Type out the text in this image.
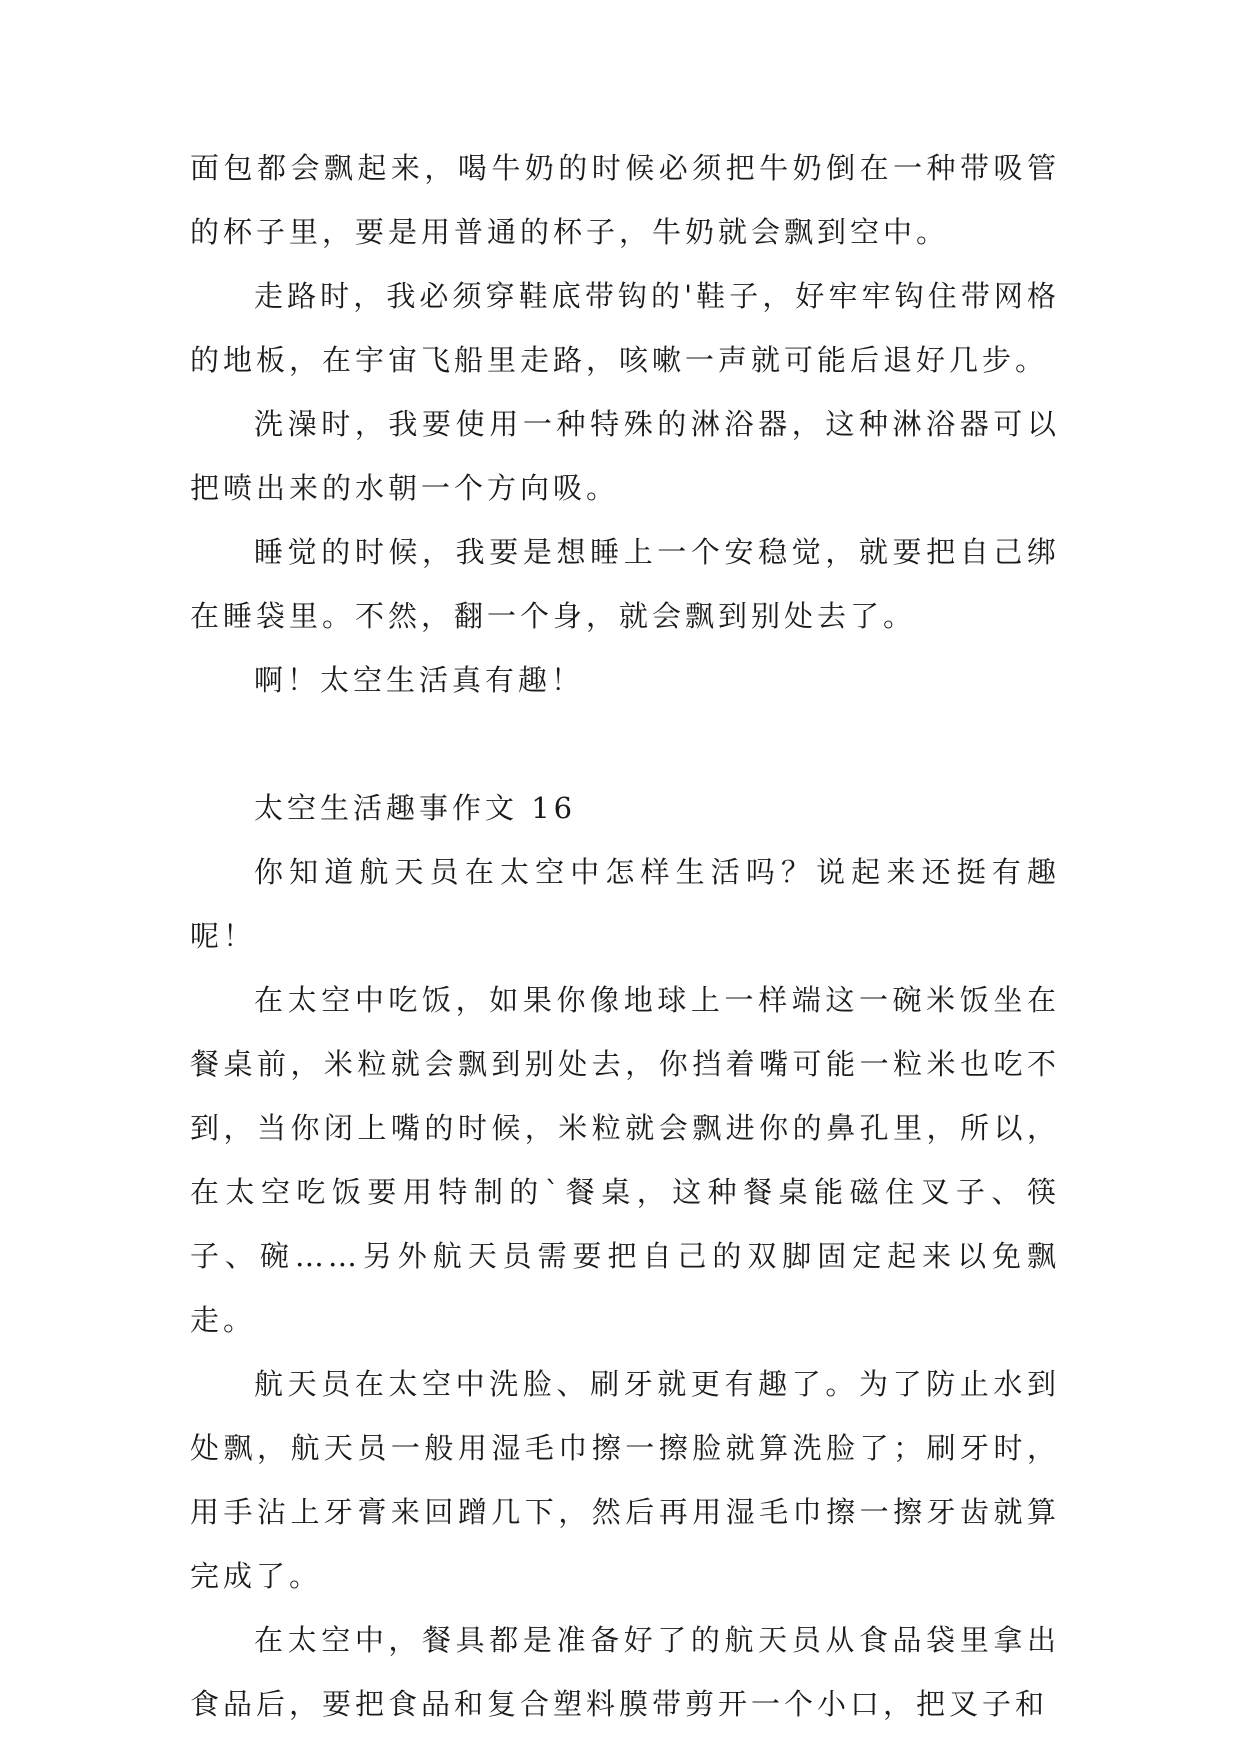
面包都会飘起来，喝牛奶的时候必须把牛奶倒在一种带吸管的杯子里，要是用普通的杯子，牛奶就会飘到空中。

走路时，我必须穿鞋底带钩的'鞋子，好牢牢钩住带网格的地板，在宇宙飞船里走路，咳嗽一声就可能后退好几步。

洗澡时，我要使用一种特殊的淋浴器，这种淋浴器可以把喷出来的水朝一个方向吸。

睡觉的时候，我要是想睡上一个安稳觉，就要把自己绑在睡袋里。不然，翻一个身，就会飘到别处去了。

啊！太空生活真有趣！

太空生活趣事作文 16

你知道航天员在太空中怎样生活吗？说起来还挺有趣呢！

在太空中吃饭，如果你像地球上一样端这一碗米饭坐在餐桌前，米粒就会飘到别处去，你挡着嘴可能一粒米也吃不到，当你闭上嘴的时候，米粒就会飘进你的鼻孔里，所以，在太空吃饭要用特制的`餐桌，这种餐桌能磁住叉子、筷子、碗……另外航天员需要把自己的双脚固定起来以免飘走。

航天员在太空中洗脸、刷牙就更有趣了。为了防止水到处飘，航天员一般用湿毛巾擦一擦脸就算洗脸了；刷牙时，用手沾上牙膏来回蹭几下，然后再用湿毛巾擦一擦牙齿就算完成了。

在太空中，餐具都是准备好了的航天员从食品袋里拿出食品后，要把食品和复合塑料膜带剪开一个小口，把叉子和
